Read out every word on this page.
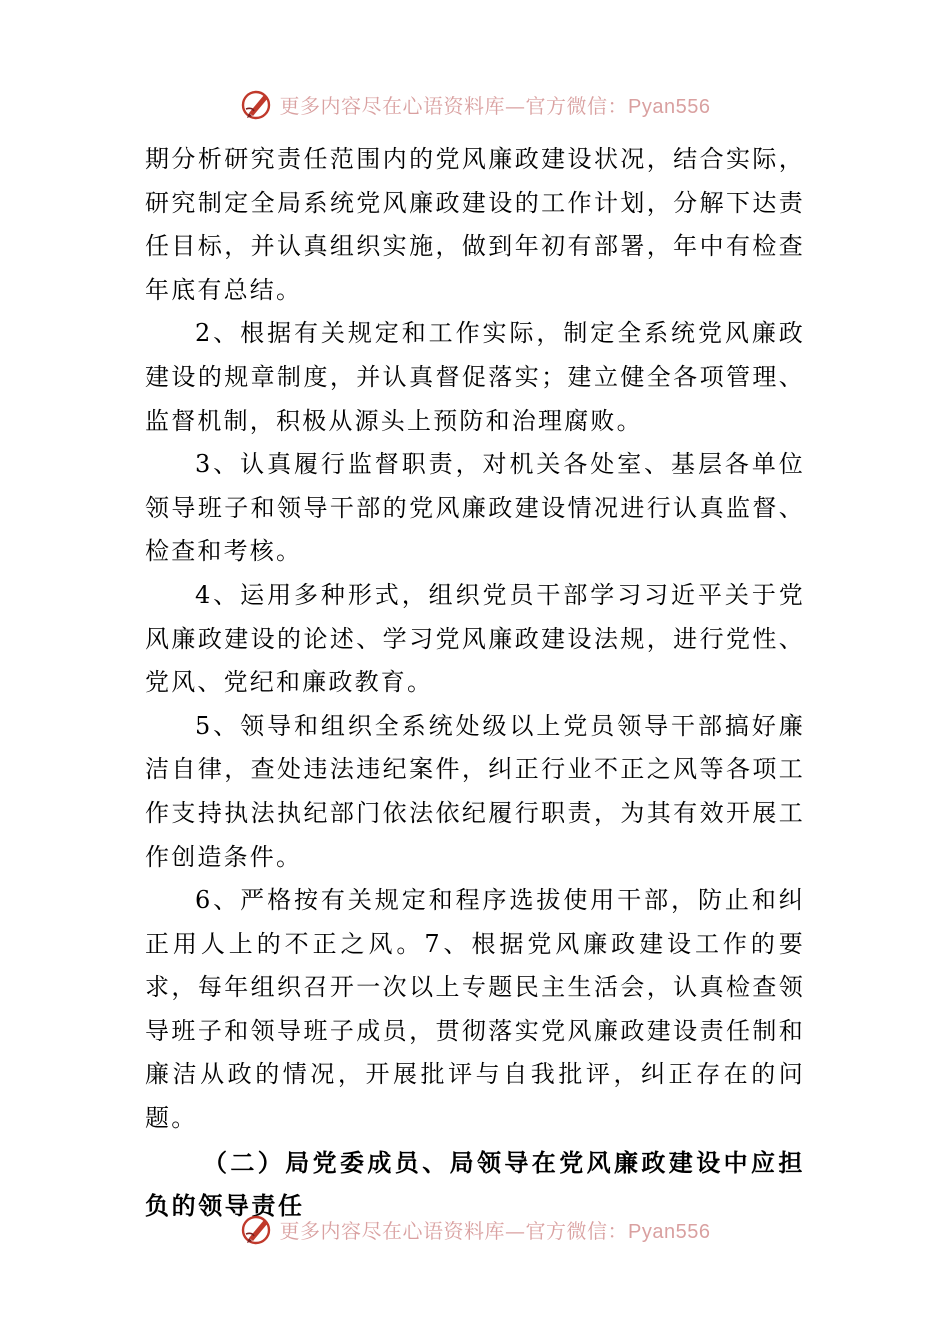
更多内容尽在心语资料库—官方微信：Pyan556

期分析研究责任范围内的党风廉政建设状况，结合实际，研究制定全局系统党风廉政建设的工作计划，分解下达责任目标，并认真组织实施，做到年初有部署，年中有检查年底有总结。

2、根据有关规定和工作实际，制定全系统党风廉政建设的规章制度，并认真督促落实；建立健全各项管理、监督机制，积极从源头上预防和治理腐败。

3、认真履行监督职责，对机关各处室、基层各单位领导班子和领导干部的党风廉政建设情况进行认真监督、检查和考核。

4、运用多种形式，组织党员干部学习习近平关于党风廉政建设的论述、学习党风廉政建设法规，进行党性、党风、党纪和廉政教育。

5、领导和组织全系统处级以上党员领导干部搞好廉洁自律，查处违法违纪案件，纠正行业不正之风等各项工作支持执法执纪部门依法依纪履行职责，为其有效开展工作创造条件。

6、严格按有关规定和程序选拔使用干部，防止和纠正用人上的不正之风。7、根据党风廉政建设工作的要求，每年组织召开一次以上专题民主生活会，认真检查领导班子和领导班子成员，贯彻落实党风廉政建设责任制和廉洁从政的情况，开展批评与自我批评，纠正存在的问题。

（二）局党委成员、局领导在党风廉政建设中应担负的领导责任

更多内容尽在心语资料库—官方微信：Pyan556
